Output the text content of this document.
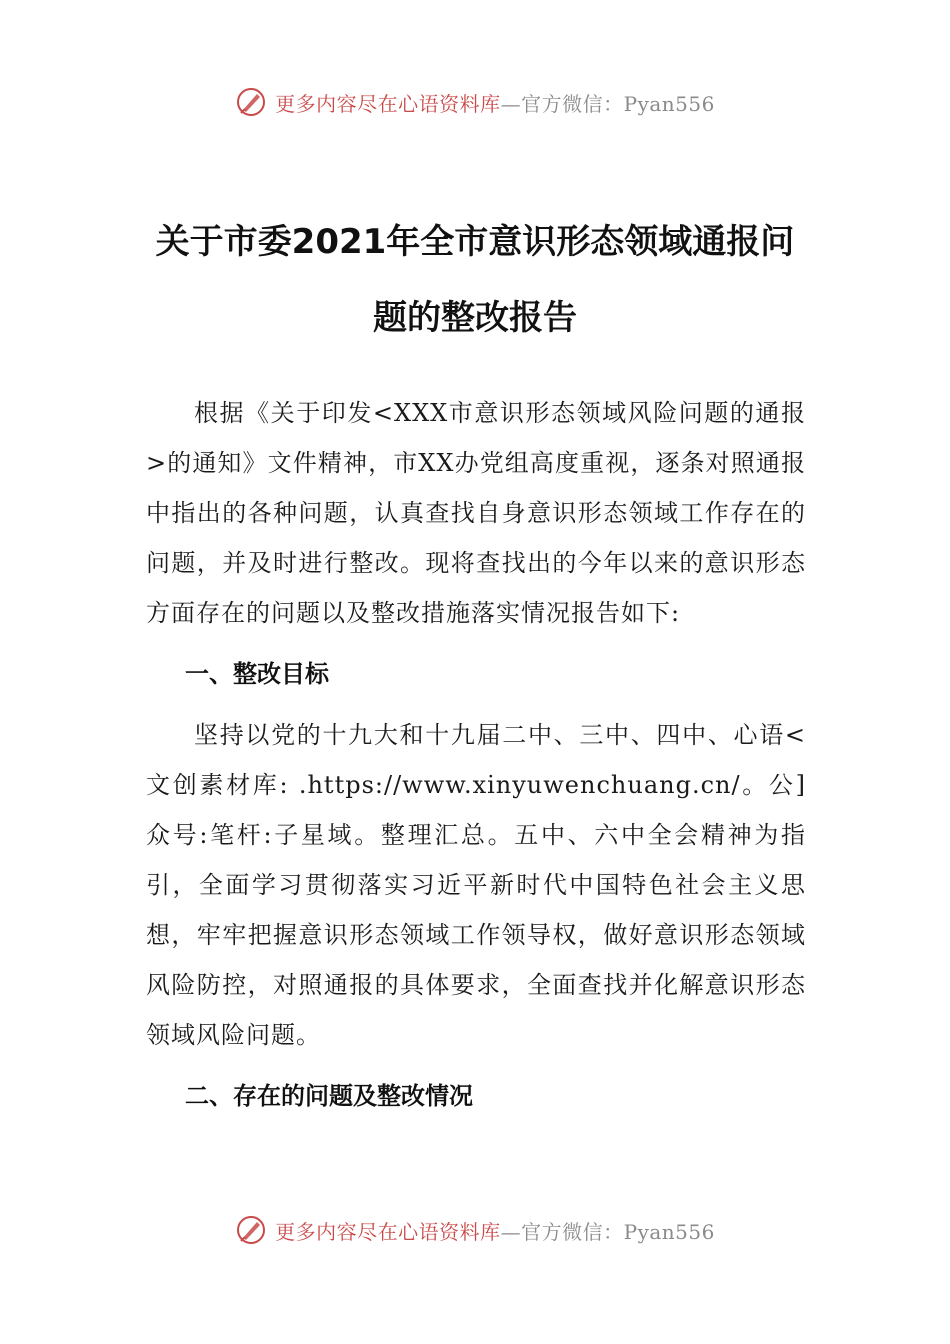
更多内容尽在心语资料库—官方微信：Pyan556
关于市委2021年全市意识形态领域通报问
题的整改报告

根据《关于印发<XXX市意识形态领域风险问题的通报>的通知》文件精神，市XX办党组高度重视，逐条对照通报中指出的各种问题，认真查找自身意识形态领域工作存在的问题，并及时进行整改。现将查找出的今年以来的意识形态方面存在的问题以及整改措施落实情况报告如下:

一、整改目标

坚持以党的十九大和十九届二中、三中、四中、心语<文创素材库: .https://www.xinyuwenchuang.cn/。公]众号:笔杆:子星域。整理汇总。五中、六中全会精神为指引，全面学习贯彻落实习近平新时代中国特色社会主义思想，牢牢把握意识形态领域工作领导权，做好意识形态领域风险防控，对照通报的具体要求，全面查找并化解意识形态领域风险问题。

二、存在的问题及整改情况
更多内容尽在心语资料库—官方微信：Pyan556
